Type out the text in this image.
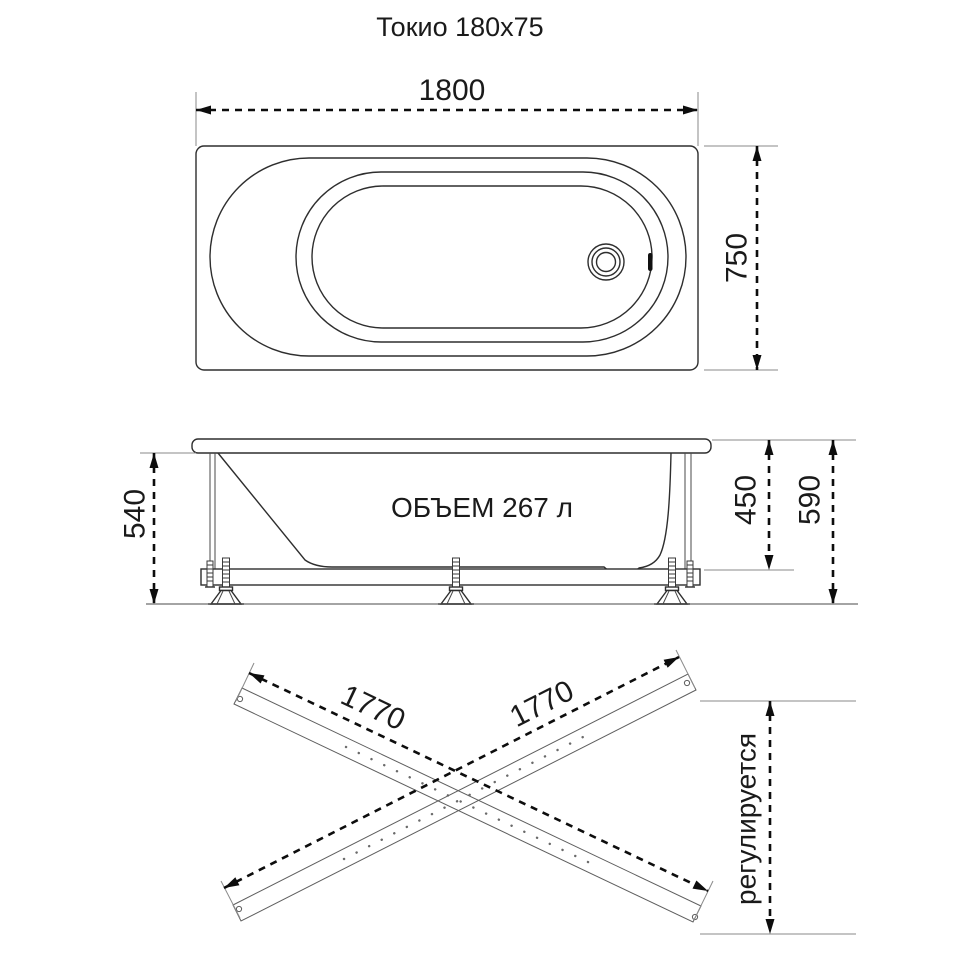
Токио 180x75
1800
750
ОБЪЕМ 267 л
540	450 590
1770	1770
регулируется
